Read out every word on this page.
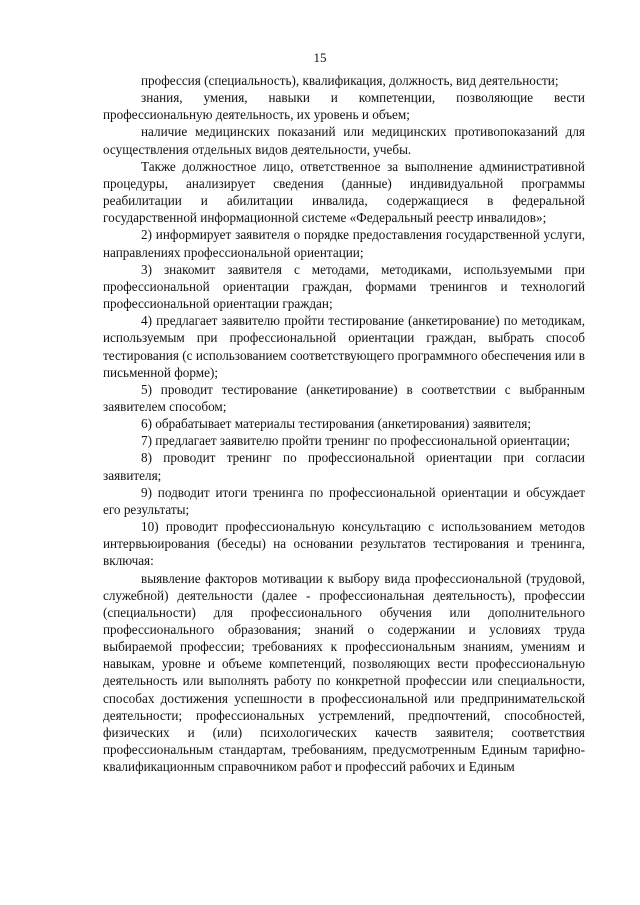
15

профессия (специальность), квалификация, должность, вид деятельности;

знания, умения, навыки и компетенции, позволяющие вести профессиональную деятельность, их уровень и объем;

наличие медицинских показаний или медицинских противопоказаний для осуществления отдельных видов деятельности, учебы.

Также должностное лицо, ответственное за выполнение административной процедуры, анализирует сведения (данные) индивидуальной программы реабилитации и абилитации инвалида, содержащиеся в федеральной государственной информационной системе «Федеральный реестр инвалидов»;

2) информирует заявителя о порядке предоставления государственной услуги, направлениях профессиональной ориентации;

3) знакомит заявителя с методами, методиками, используемыми при профессиональной ориентации граждан, формами тренингов и технологий профессиональной ориентации граждан;

4) предлагает заявителю пройти тестирование (анкетирование) по методикам, используемым при профессиональной ориентации граждан, выбрать способ тестирования (с использованием соответствующего программного обеспечения или в письменной форме);

5) проводит тестирование (анкетирование) в соответствии с выбранным заявителем способом;

6) обрабатывает материалы тестирования (анкетирования) заявителя;

7) предлагает заявителю пройти тренинг по профессиональной ориентации;

8) проводит тренинг по профессиональной ориентации при согласии заявителя;

9) подводит итоги тренинга по профессиональной ориентации и обсуждает его результаты;

10) проводит профессиональную консультацию с использованием методов интервьюирования (беседы) на основании результатов тестирования и тренинга, включая:

выявление факторов мотивации к выбору вида профессиональной (трудовой, служебной) деятельности (далее - профессиональная деятельность), профессии (специальности) для профессионального обучения или дополнительного профессионального образования; знаний о содержании и условиях труда выбираемой профессии; требованиях к профессиональным знаниям, умениям и навыкам, уровне и объеме компетенций, позволяющих вести профессиональную деятельность или выполнять работу по конкретной профессии или специальности, способах достижения успешности в профессиональной или предпринимательской деятельности; профессиональных устремлений, предпочтений, способностей, физических и (или) психологических качеств заявителя; соответствия профессиональным стандартам, требованиям, предусмотренным Единым тарифно-квалификационным справочником работ и профессий рабочих и Единым
